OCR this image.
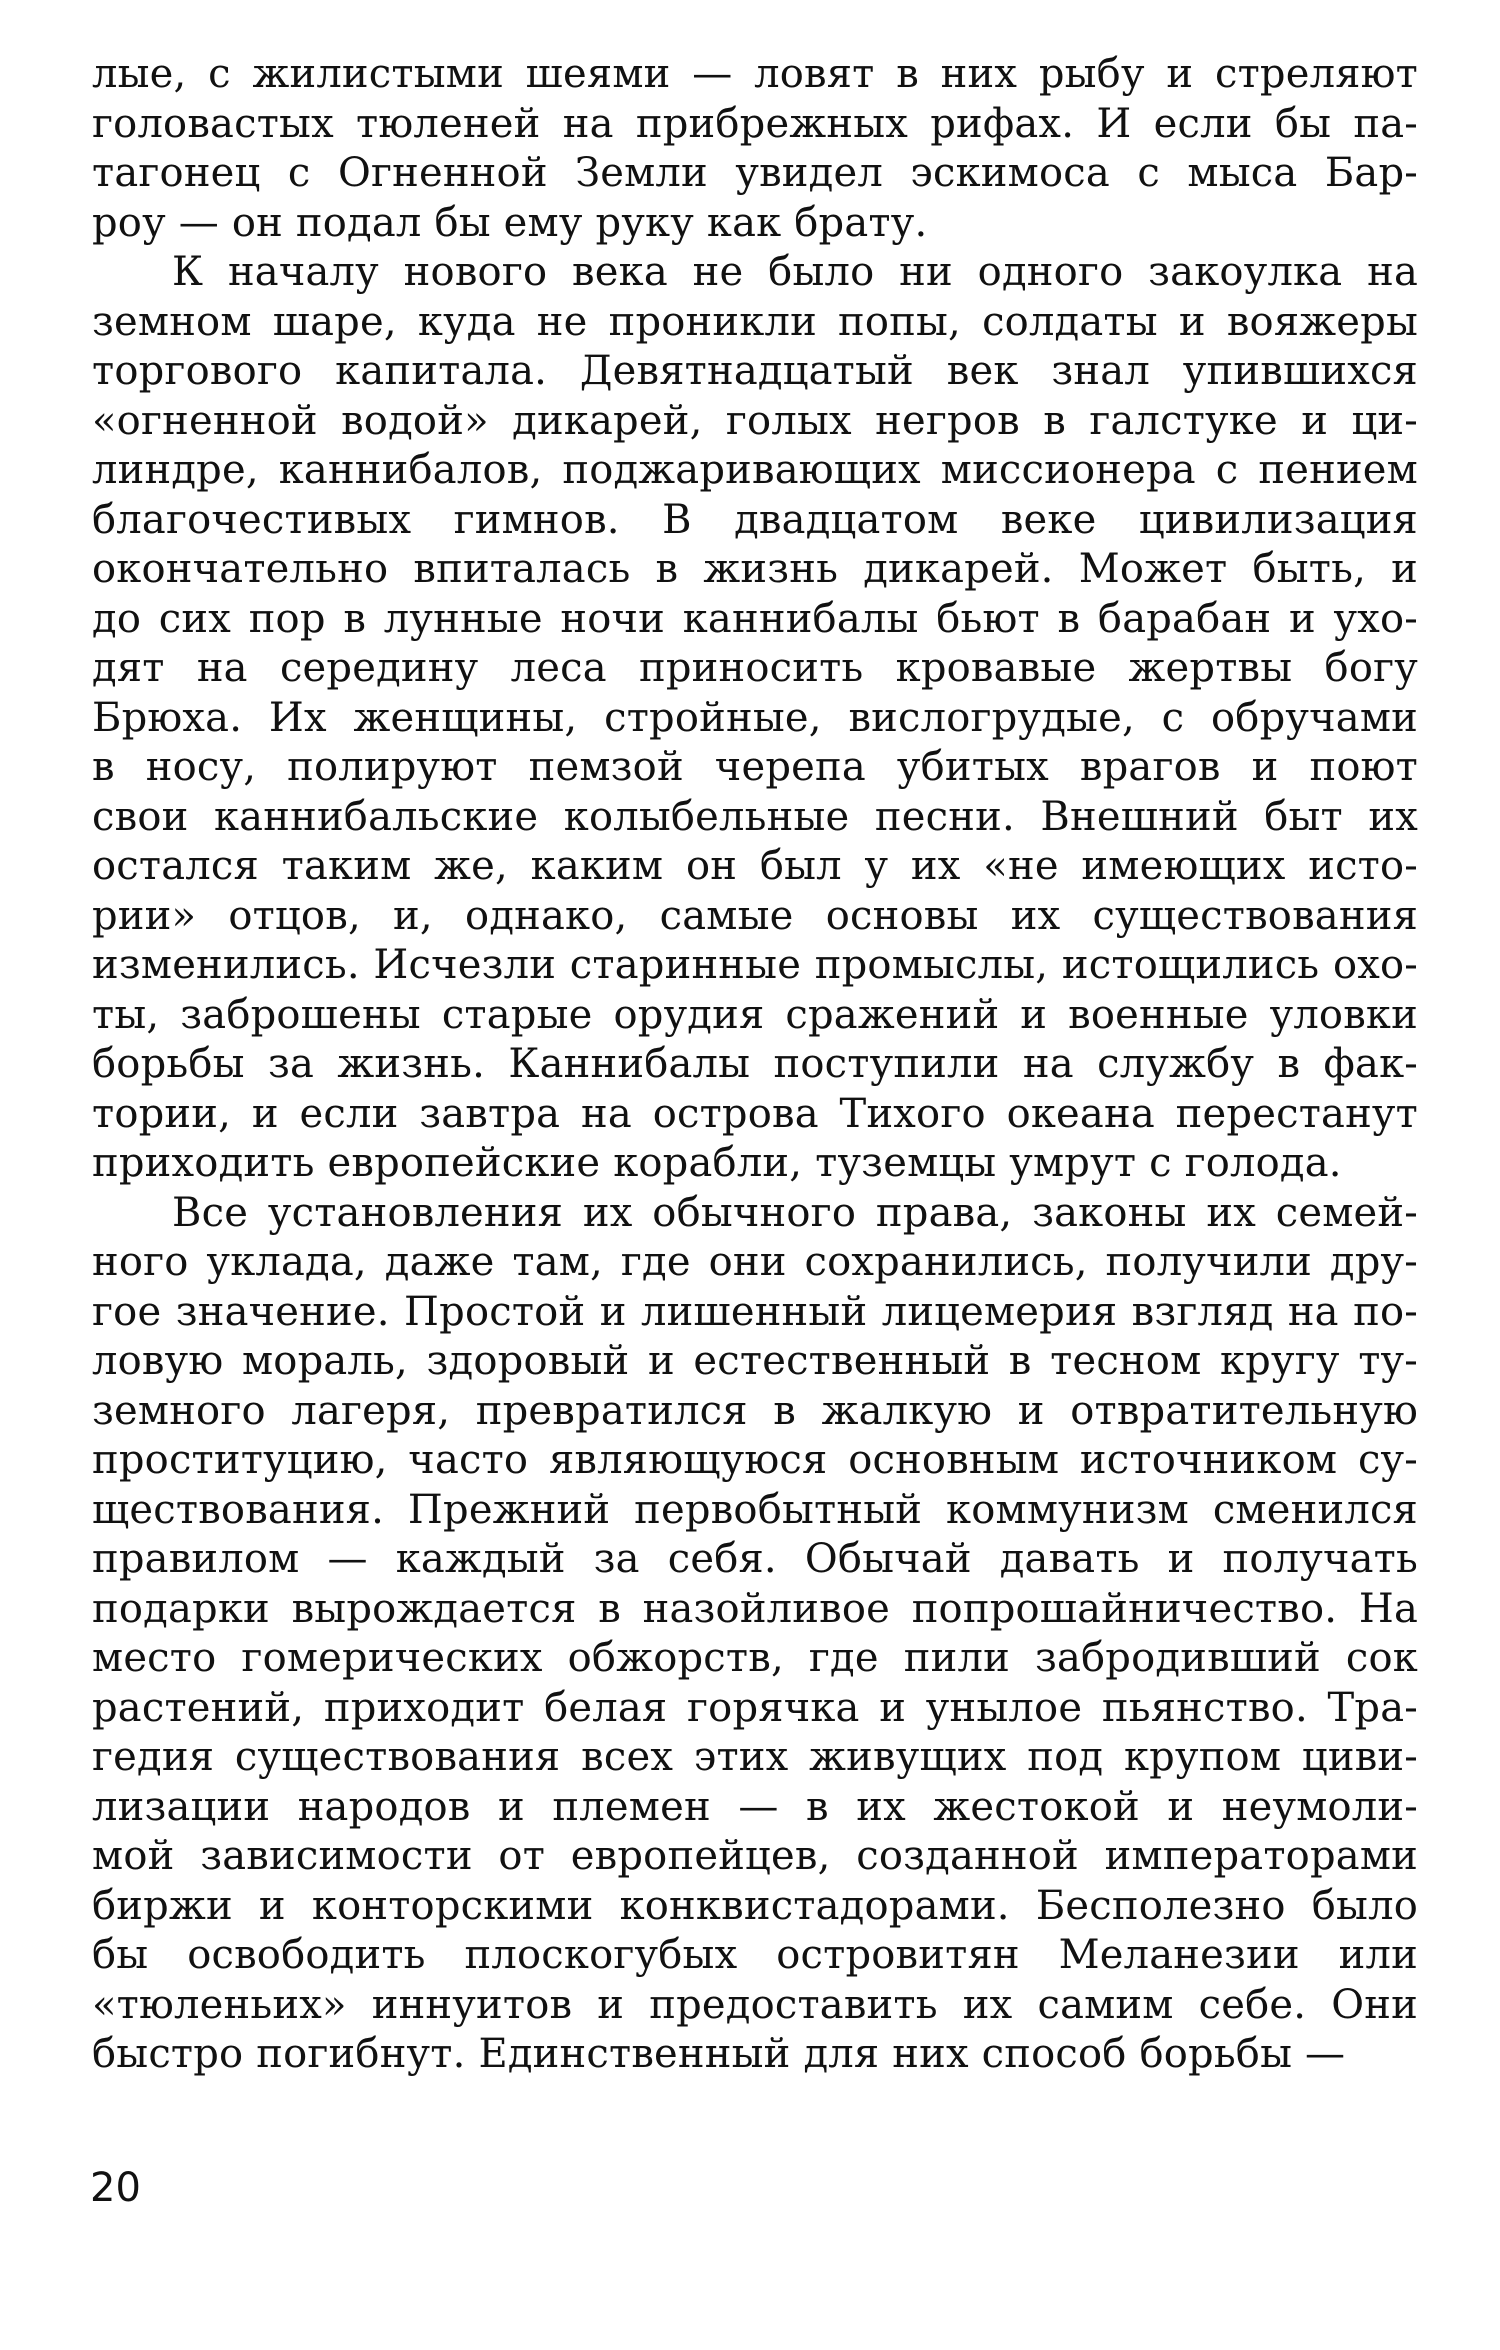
лые, с жилистыми шеями — ловят в них рыбу и стреляют
головастых тюленей на прибрежных рифах. И если бы па-
тагонец с Огненной Земли увидел эскимоса с мыса Бар-
роу — он подал бы ему руку как брату.
К началу нового века не было ни одного закоулка на
земном шаре, куда не проникли попы, солдаты и вояжеры
торгового капитала. Девятнадцатый век знал упившихся
«огненной водой» дикарей, голых негров в галстуке и ци-
линдре, каннибалов, поджаривающих миссионера с пением
благочестивых гимнов. В двадцатом веке цивилизация
окончательно впиталась в жизнь дикарей. Может быть, и
до сих пор в лунные ночи каннибалы бьют в барабан и ухо-
дят на середину леса приносить кровавые жертвы богу
Брюха. Их женщины, стройные, вислогрудые, с обручами
в носу, полируют пемзой черепа убитых врагов и поют
свои каннибальские колыбельные песни. Внешний быт их
остался таким же, каким он был у их «не имеющих исто-
рии» отцов, и, однако, самые основы их существования
изменились. Исчезли старинные промыслы, истощились охо-
ты, заброшены старые орудия сражений и военные уловки
борьбы за жизнь. Каннибалы поступили на службу в фак-
тории, и если завтра на острова Тихого океана перестанут
приходить европейские корабли, туземцы умрут с голода.
Все установления их обычного права, законы их семей-
ного уклада, даже там, где они сохранились, получили дру-
гое значение. Простой и лишенный лицемерия взгляд на по-
ловую мораль, здоровый и естественный в тесном кругу ту-
земного лагеря, превратился в жалкую и отвратительную
проституцию, часто являющуюся основным источником су-
ществования. Прежний первобытный коммунизм сменился
правилом — каждый за себя. Обычай давать и получать
подарки вырождается в назойливое попрошайничество. На
место гомерических обжорств, где пили забродивший сок
растений, приходит белая горячка и унылое пьянство. Тра-
гедия существования всех этих живущих под крупом циви-
лизации народов и племен — в их жестокой и неумоли-
мой зависимости от европейцев, созданной императорами
биржи и конторскими конквистадорами. Бесполезно было
бы освободить плоскогубых островитян Меланезии или
«тюленьих» иннуитов и предоставить их самим себе. Они
быстро погибнут. Единственный для них способ борьбы —
20
